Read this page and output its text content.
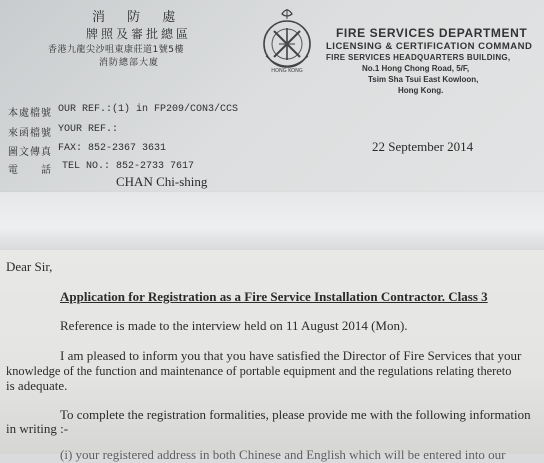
消 防 處
牌照及審批總區
香港九龍尖沙咀東康莊道1號5樓
消防總部大廈
HONG KONG
FIRE SERVICES DEPARTMENT
LICENSING & CERTIFICATION COMMAND
FIRE SERVICES HEADQUARTERS BUILDING,
No.1 Hong Chong Road, 5/F,
Tsim Sha Tsui East Kowloon,
Hong Kong.
本處檔號 OUR REF.:(1) in FP209/CON3/CCS
來函檔號 YOUR REF.:
圖文傳真 FAX: 852-2367 3631
電　　話 TEL NO.: 852-2733 7617
22 September 2014
CHAN Chi-shing
Dear Sir,
Application for Registration as a Fire Service Installation Contractor. Class 3
Reference is made to the interview held on 11 August 2014 (Mon).
I am pleased to inform you that you have satisfied the Director of Fire Services that your
knowledge of the function and maintenance of portable equipment and the regulations relating thereto
is adequate.
To complete the registration formalities, please provide me with the following information
in writing :-
(i) your registered address in both Chinese and English which will be entered into our
